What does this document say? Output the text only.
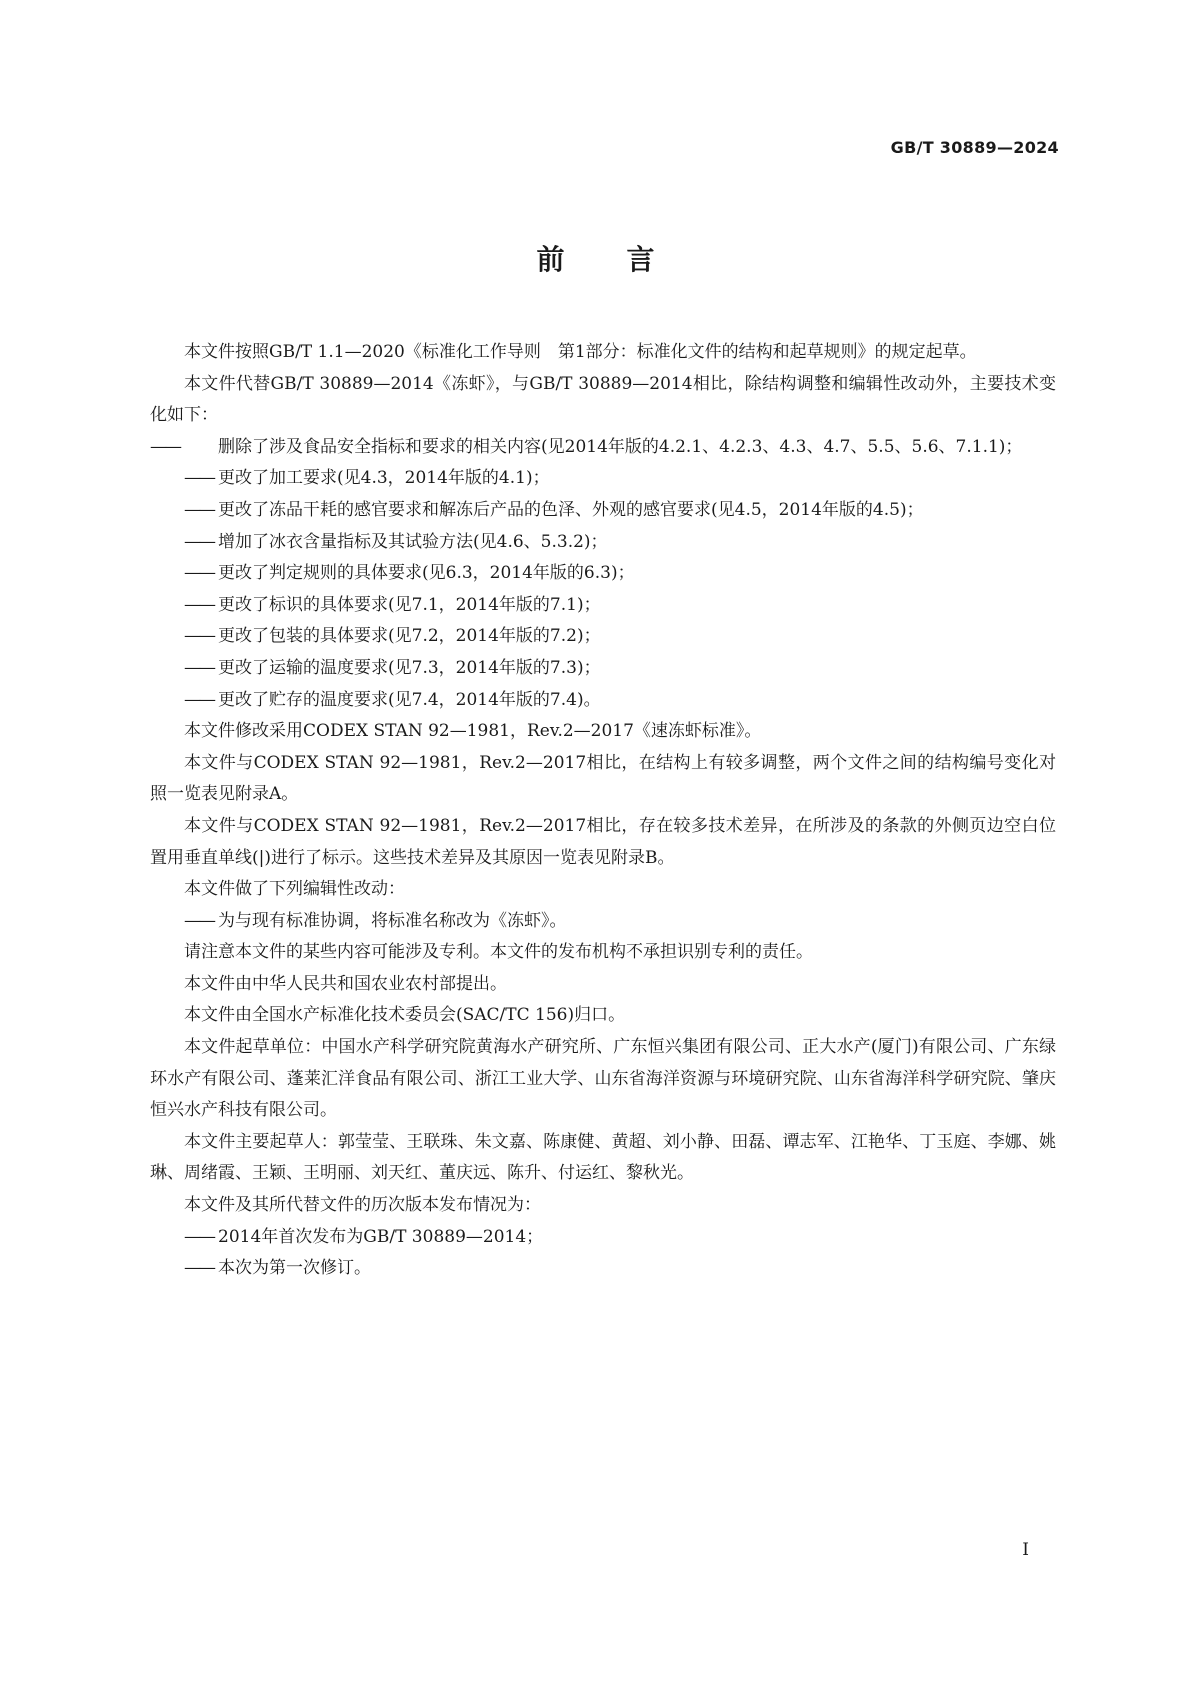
GB/T 30889—2024
前言

本文件按照GB/T 1.1—2020《标准化工作导则　第1部分：标准化文件的结构和起草规则》的规定起草。

本文件代替GB/T 30889—2014《冻虾》，与GB/T 30889—2014相比，除结构调整和编辑性改动外，主要技术变化如下：

—— 删除了涉及食品安全指标和要求的相关内容(见2014年版的4.2.1、4.2.3、4.3、4.7、5.5、5.6、7.1.1)；

—— 更改了加工要求(见4.3，2014年版的4.1)；

—— 更改了冻品干耗的感官要求和解冻后产品的色泽、外观的感官要求(见4.5，2014年版的4.5)；

—— 增加了冰衣含量指标及其试验方法(见4.6、5.3.2)；

—— 更改了判定规则的具体要求(见6.3，2014年版的6.3)；

—— 更改了标识的具体要求(见7.1，2014年版的7.1)；

—— 更改了包装的具体要求(见7.2，2014年版的7.2)；

—— 更改了运输的温度要求(见7.3，2014年版的7.3)；

—— 更改了贮存的温度要求(见7.4，2014年版的7.4)。

本文件修改采用CODEX STAN 92—1981，Rev.2—2017《速冻虾标准》。

本文件与CODEX STAN 92—1981，Rev.2—2017相比，在结构上有较多调整，两个文件之间的结构编号变化对照一览表见附录A。

本文件与CODEX STAN 92—1981，Rev.2—2017相比，存在较多技术差异，在所涉及的条款的外侧页边空白位置用垂直单线(|)进行了标示。这些技术差异及其原因一览表见附录B。

本文件做了下列编辑性改动：

—— 为与现有标准协调，将标准名称改为《冻虾》。

请注意本文件的某些内容可能涉及专利。本文件的发布机构不承担识别专利的责任。

本文件由中华人民共和国农业农村部提出。

本文件由全国水产标准化技术委员会(SAC/TC 156)归口。

本文件起草单位：中国水产科学研究院黄海水产研究所、广东恒兴集团有限公司、正大水产(厦门)有限公司、广东绿环水产有限公司、蓬莱汇洋食品有限公司、浙江工业大学、山东省海洋资源与环境研究院、山东省海洋科学研究院、肇庆恒兴水产科技有限公司。

本文件主要起草人：郭莹莹、王联珠、朱文嘉、陈康健、黄超、刘小静、田磊、谭志军、江艳华、丁玉庭、李娜、姚琳、周绪霞、王颖、王明丽、刘天红、董庆远、陈升、付运红、黎秋光。

本文件及其所代替文件的历次版本发布情况为：

—— 2014年首次发布为GB/T 30889—2014；

—— 本次为第一次修订。

I
